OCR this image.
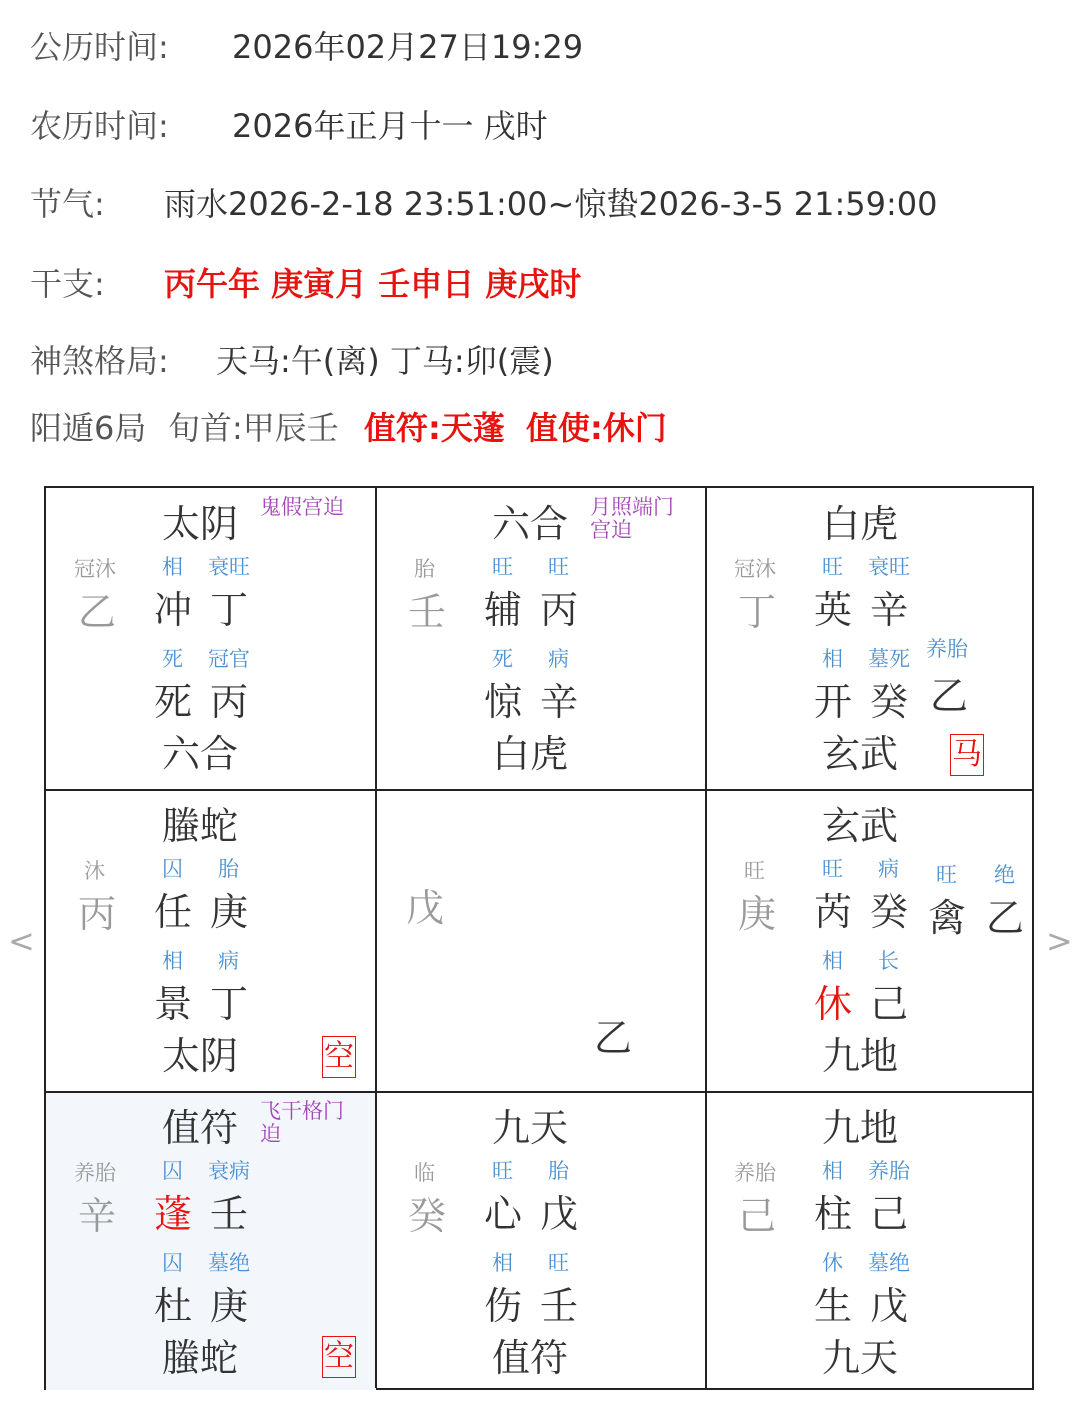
公历时间: 2026年02月27日19:29
农历时间: 2026年正月十一 戌时
节气: 雨水2026-2-18 23:51:00~惊蛰2026-3-5 21:59:00
干支: 丙午年 庚寅月 壬申日 庚戌时
神煞格局: 天马:午(离) 丁马:卯(震)
阳遁6局 旬首:甲辰壬 值符:天蓬 值使:休门
<	>
太阴 鬼假宫迫
冠沐
乙
相 衰旺
冲 丁
死 冠官
死 丙
六合
六合 月照端门宫迫
胎
壬
旺 旺
辅 丙
死 病
惊 辛
白虎
白虎
冠沐
丁
旺 衰旺
英 辛
相 墓死 养胎
开 癸 乙
玄武 马
螣蛇
沐
丙
囚 胎
任 庚
相 病
景 丁
太阴	空
戊
乙
玄武
旺
庚
旺 病 旺 绝
芮 癸 禽 乙
相 长
休 己
九地
值符 飞干格门迫
养胎
辛
囚 衰病
蓬 壬
囚 墓绝
杜 庚
螣蛇	空
九天
临
癸
旺 胎
心 戊
相 旺
伤 壬
值符
九地
养胎
己
相 养胎
柱 己
休 墓绝
生 戊
九天
